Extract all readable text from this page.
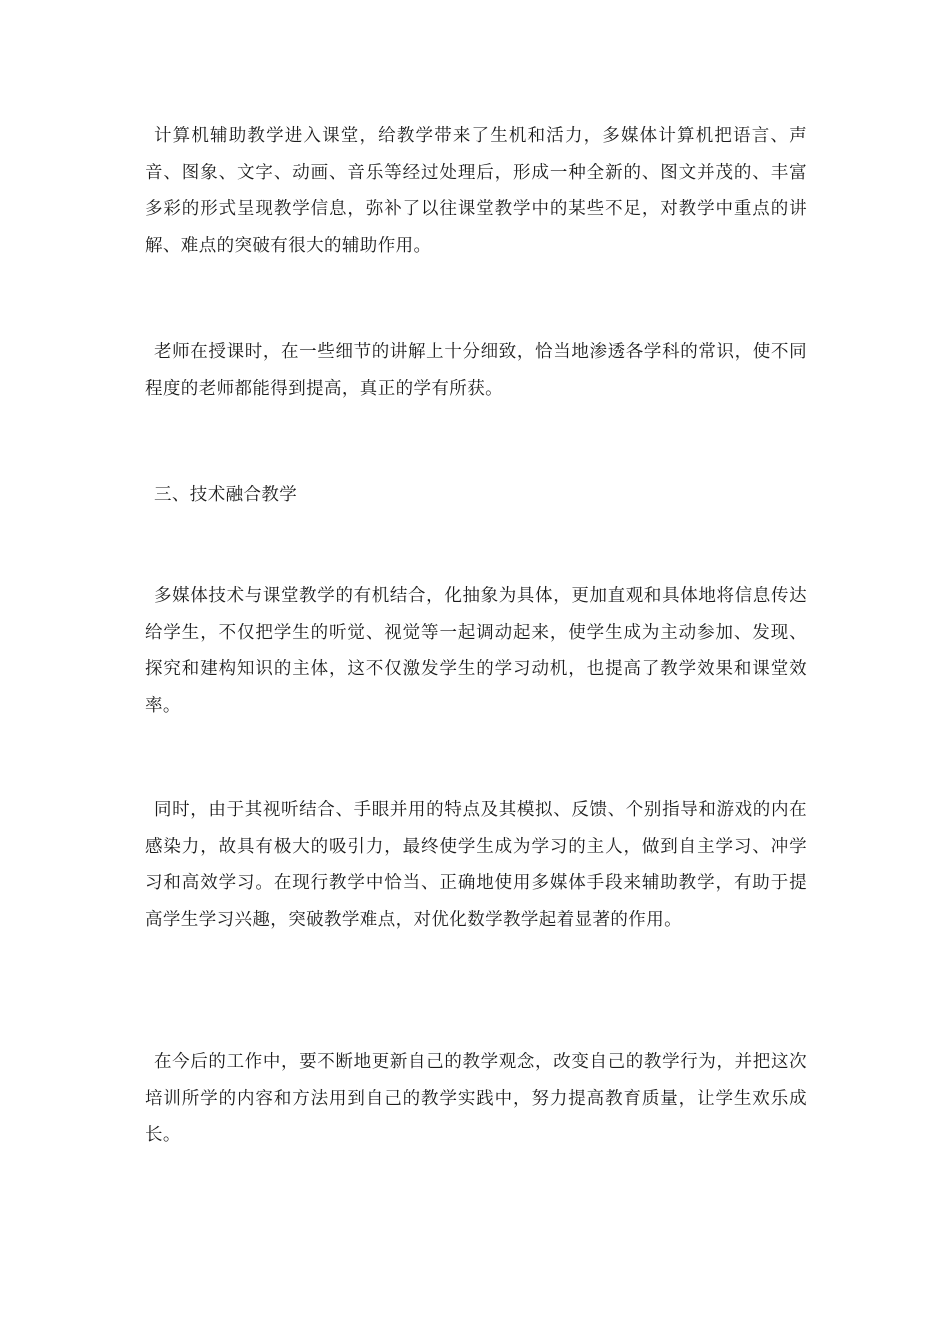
计算机辅助教学进入课堂，给教学带来了生机和活力，多媒体计算机把语言、声音、图象、文字、动画、音乐等经过处理后，形成一种全新的、图文并茂的、丰富多彩的形式呈现教学信息，弥补了以往课堂教学中的某些不足，对教学中重点的讲解、难点的突破有很大的辅助作用。

老师在授课时，在一些细节的讲解上十分细致，恰当地渗透各学科的常识，使不同程度的老师都能得到提高，真正的学有所获。

三、技术融合教学

多媒体技术与课堂教学的有机结合，化抽象为具体，更加直观和具体地将信息传达给学生，不仅把学生的听觉、视觉等一起调动起来，使学生成为主动参加、发现、探究和建构知识的主体，这不仅激发学生的学习动机，也提高了教学效果和课堂效率。

同时，由于其视听结合、手眼并用的特点及其模拟、反馈、个别指导和游戏的内在感染力，故具有极大的吸引力，最终使学生成为学习的主人，做到自主学习、冲学习和高效学习。在现行教学中恰当、正确地使用多媒体手段来辅助教学，有助于提高学生学习兴趣，突破教学难点，对优化数学教学起着显著的作用。

在今后的工作中，要不断地更新自己的教学观念，改变自己的教学行为，并把这次培训所学的内容和方法用到自己的教学实践中，努力提高教育质量，让学生欢乐成长。
